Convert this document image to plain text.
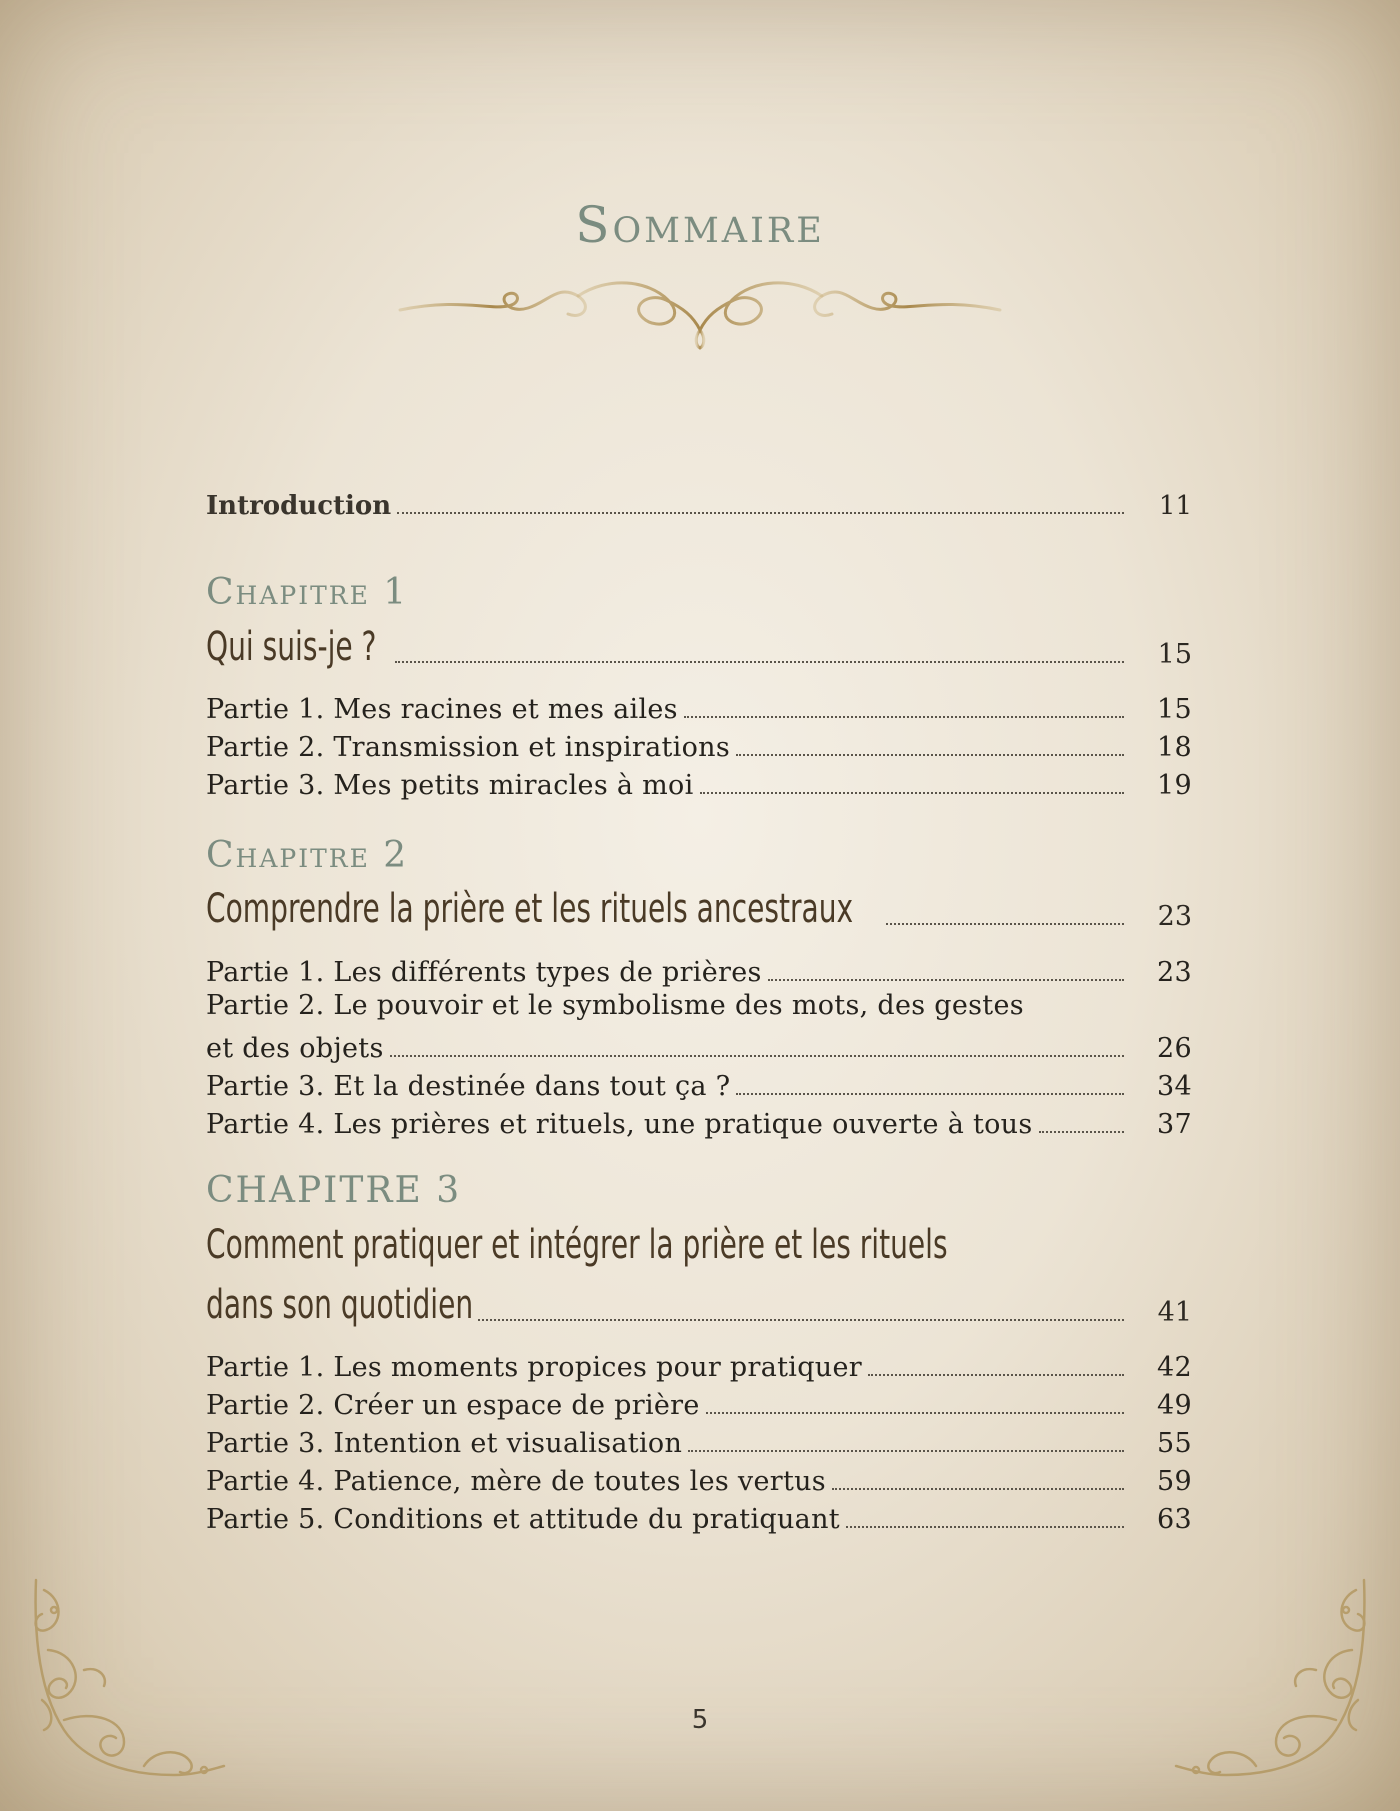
Sommaire
Introduction	11
Chapitre 1
Qui suis-je ?	15
Partie 1. Mes racines et mes ailes	15
Partie 2. Transmission et inspirations	18
Partie 3. Mes petits miracles à moi	19
Chapitre 2
Comprendre la prière et les rituels ancestraux	23
Partie 1. Les différents types de prières	23
Partie 2. Le pouvoir et le symbolisme des mots, des gestes
et des objets	26
Partie 3. Et la destinée dans tout ça ?	34
Partie 4. Les prières et rituels, une pratique ouverte à tous	37
CHAPITRE 3
Comment pratiquer et intégrer la prière et les rituels
dans son quotidien	41
Partie 1. Les moments propices pour pratiquer	42
Partie 2. Créer un espace de prière	49
Partie 3. Intention et visualisation	55
Partie 4. Patience, mère de toutes les vertus	59
Partie 5. Conditions et attitude du pratiquant	63
5
